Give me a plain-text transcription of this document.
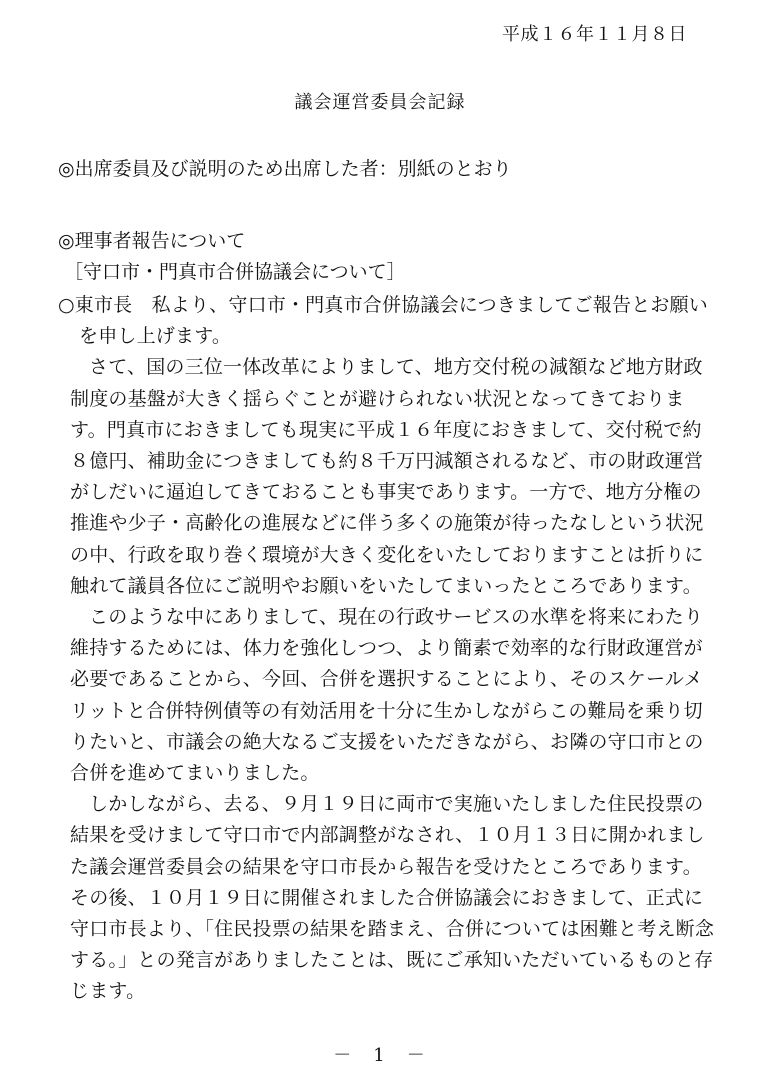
平成１６年１１月８日
議会運営委員会記録
◎出席委員及び説明のため出席した者：別紙のとおり
◎理事者報告について
［守口市・門真市合併協議会について］

○東市長　私より、守口市・門真市合併協議会につきましてご報告とお願いを申し上げます。

さて、国の三位一体改革によりまして、地方交付税の減額など地方財政制度の基盤が大きく揺らぐことが避けられない状況となってきております。門真市におきましても現実に平成１６年度におきまして、交付税で約８億円、補助金につきましても約８千万円減額されるなど、市の財政運営がしだいに逼迫してきておることも事実であります。一方で、地方分権の推進や少子・高齢化の進展などに伴う多くの施策が待ったなしという状況の中、行政を取り巻く環境が大きく変化をいたしておりますことは折りに触れて議員各位にご説明やお願いをいたしてまいったところであります。

このような中にありまして、現在の行政サービスの水準を将来にわたり維持するためには、体力を強化しつつ、より簡素で効率的な行財政運営が必要であることから、今回、合併を選択することにより、そのスケールメリットと合併特例債等の有効活用を十分に生かしながらこの難局を乗り切りたいと、市議会の絶大なるご支援をいただきながら、お隣の守口市との合併を進めてまいりました。

しかしながら、去る、９月１９日に両市で実施いたしました住民投票の結果を受けまして守口市で内部調整がなされ、１０月１３日に開かれました議会運営委員会の結果を守口市長から報告を受けたところであります。その後、１０月１９日に開催されました合併協議会におきまして、正式に守口市長より、「住民投票の結果を踏まえ、合併については困難と考え断念する。」との発言がありましたことは、既にご承知いただいているものと存じます。

－　1　－
